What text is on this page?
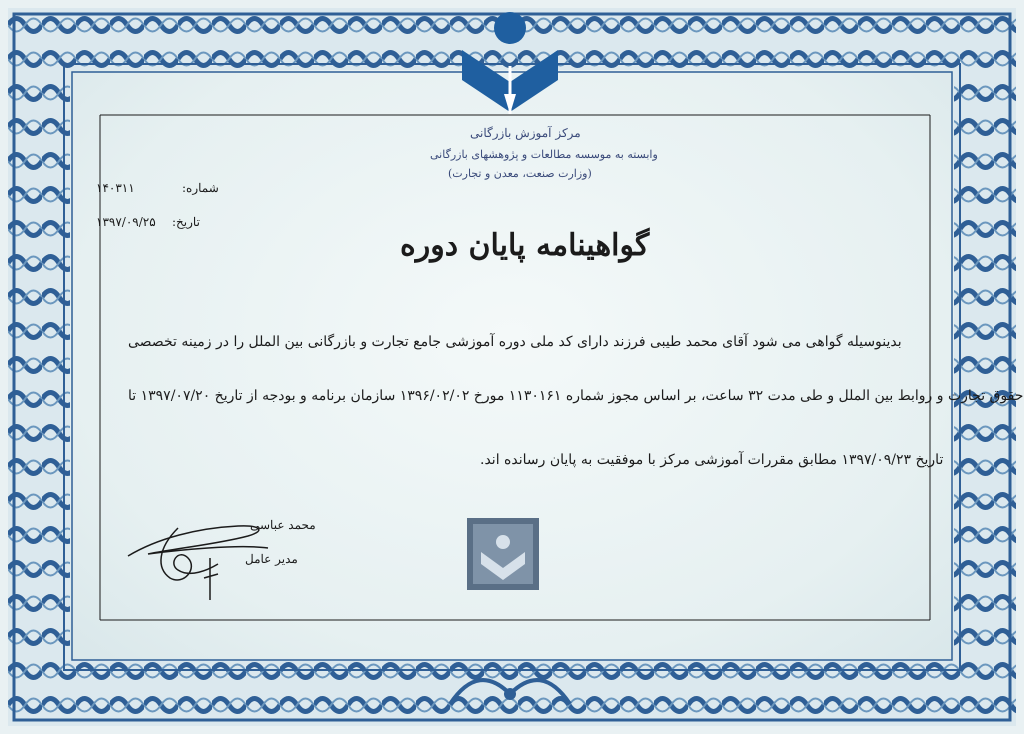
مرکز آموزش بازرگانی
وابسته به موسسه مطالعات و پژوهشهای بازرگانی
(وزارت صنعت، معدن و تجارت)
شماره:
۱۴۰۳۱۱
تاریخ:
۱۳۹۷/۰۹/۲۵
گواهینامه پایان دوره
بدینوسیله گواهی می شود آقای محمد طیبی فرزند دارای کد ملی دوره آموزشی جامع تجارت و بازرگانی بین الملل را در زمینه تخصصی
حقوق تجارت و روابط بین الملل و طی مدت ۳۲ ساعت، بر اساس مجوز شماره ۱۱۳۰۱۶۱ مورخ ۱۳۹۶/۰۲/۰۲ سازمان برنامه و بودجه از تاریخ ۱۳۹۷/۰۷/۲۰ تا
تاریخ ۱۳۹۷/۰۹/۲۳ مطابق مقررات آموزشی مرکز با موفقیت به پایان رسانده اند.
محمد عباسی
مدیر عامل
